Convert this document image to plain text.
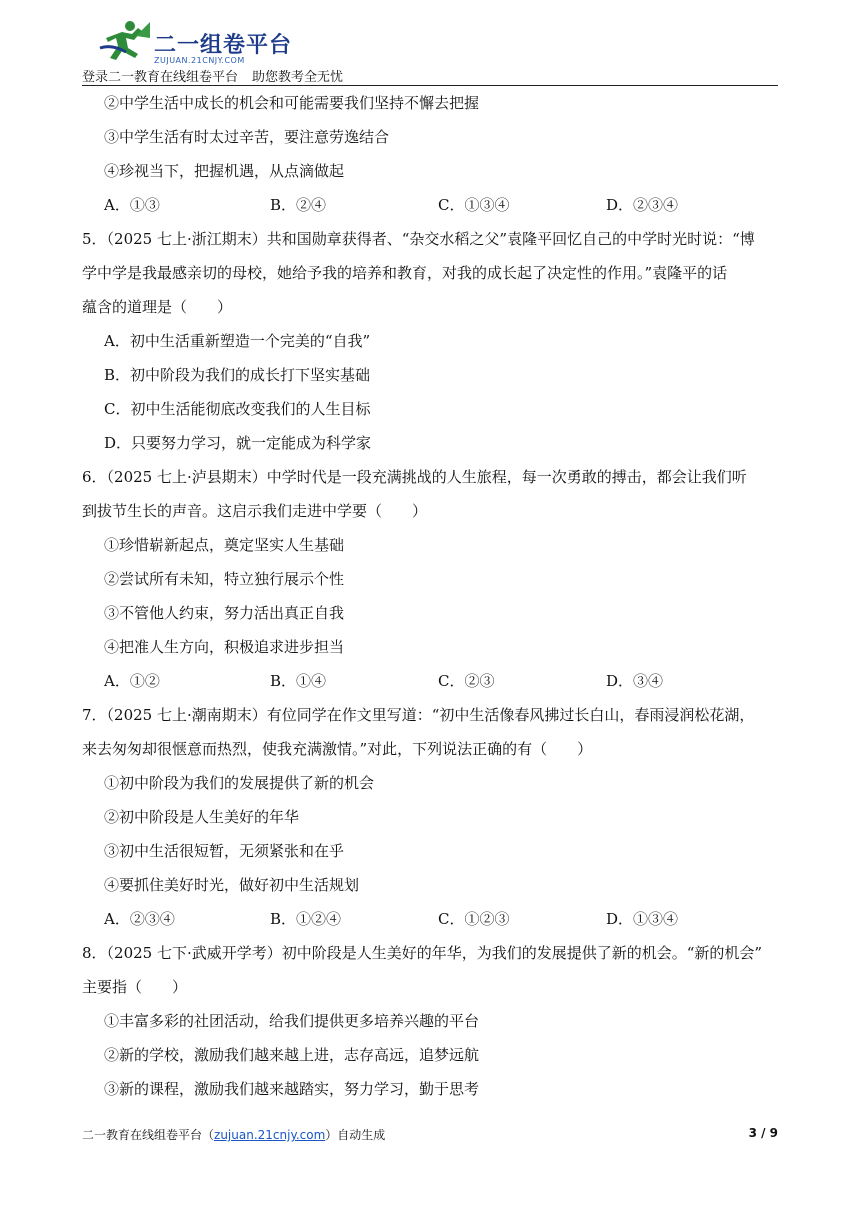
二一组卷平台
ZUJUAN.21CNJY.COM
登录二一教育在线组卷平台 助您教考全无忧
②中学生活中成长的机会和可能需要我们坚持不懈去把握
③中学生活有时太过辛苦，要注意劳逸结合
④珍视当下，把握机遇，从点滴做起
A．①③	B．②④	C．①③④	D．②③④
5．（2025 七上·浙江期末）共和国勋章获得者、“杂交水稻之父”袁隆平回忆自己的中学时光时说：“博
学中学是我最感亲切的母校，她给予我的培养和教育，对我的成长起了决定性的作用。”袁隆平的话
蕴含的道理是（　　）
A．初中生活重新塑造一个完美的“自我”
B．初中阶段为我们的成长打下坚实基础
C．初中生活能彻底改变我们的人生目标
D．只要努力学习，就一定能成为科学家
6．（2025 七上·泸县期末）中学时代是一段充满挑战的人生旅程，每一次勇敢的搏击，都会让我们听
到拔节生长的声音。这启示我们走进中学要（　　）
①珍惜崭新起点，奠定坚实人生基础
②尝试所有未知，特立独行展示个性
③不管他人约束，努力活出真正自我
④把准人生方向，积极追求进步担当
A．①②	B．①④	C．②③	D．③④
7．（2025 七上·潮南期末）有位同学在作文里写道：“初中生活像春风拂过长白山，春雨浸润松花湖，
来去匆匆却很惬意而热烈，使我充满激情。”对此，下列说法正确的有（　　）
①初中阶段为我们的发展提供了新的机会
②初中阶段是人生美好的年华
③初中生活很短暂，无须紧张和在乎
④要抓住美好时光，做好初中生活规划
A．②③④	B．①②④	C．①②③	D．①③④
8．（2025 七下·武威开学考）初中阶段是人生美好的年华，为我们的发展提供了新的机会。“新的机会”
主要指（　　）
①丰富多彩的社团活动，给我们提供更多培养兴趣的平台
②新的学校，激励我们越来越上进，志存高远，追梦远航
③新的课程，激励我们越来越踏实，努力学习，勤于思考
二一教育在线组卷平台（zujuan.21cnjy.com）自动生成	3 / 9
